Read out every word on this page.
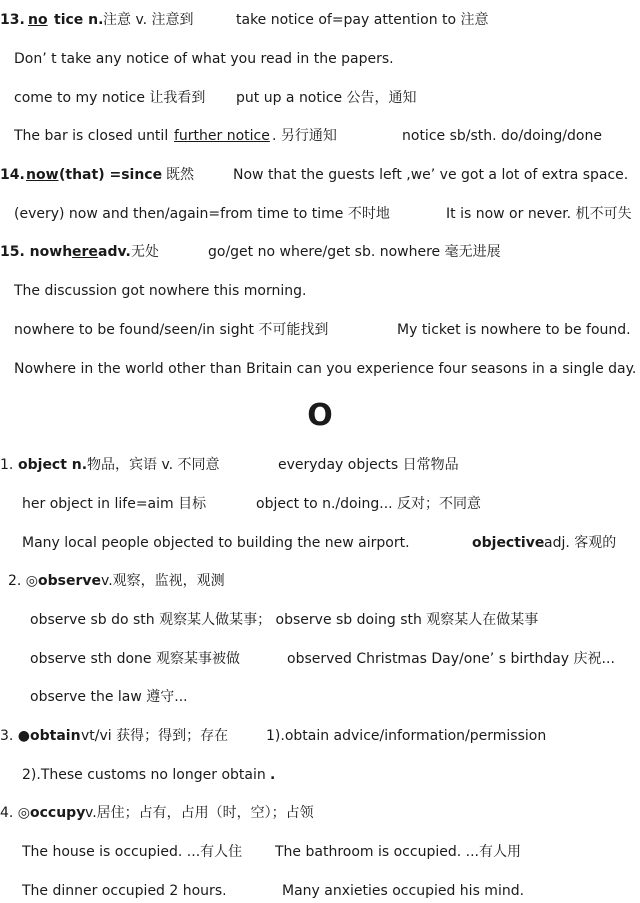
O
13. no tice n. 注意 v. 注意到	take notice of=pay attention to 注意
Don’ t take any notice of what you read in the papers.
come to my notice 让我看到 put up a notice 公告，通知
The bar is closed until further notice . 另行通知	notice sb/sth. do/doing/done
14. now (that) =since 既然	Now that the guests left ,we’ ve got a lot of extra space.
(every) now and then/again=from time to time 不时地	It is now or never. 机不可失
15. nowh ere adv. 无处	go/get no where/get sb. nowhere 毫无进展
The discussion got nowhere this morning.
nowhere to be found/seen/in sight 不可能找到	My ticket is nowhere to be found.
Nowhere in the world other than Britain can you experience four seasons in a single day.
1. object n. 物品，宾语 v. 不同意	everyday objects 日常物品
her object in life=aim 目标	object to n./doing... 反对；不同意
Many local people objected to building the new airport.	objective adj. 客观的
2. ◎ observe v.观察，监视，观测
observe sb do sth 观察某人做某事； observe sb doing sth 观察某人在做某事
observe sth done 观察某事被做	observed Christmas Day/one’ s birthday 庆祝...
observe the law 遵守...
3. ● obtain vt/vi 获得；得到；存在	1).obtain advice/information/permission
2).These customs no longer obtain .
4. ◎ occupy v.居住；占有，占用（时，空）；占领
The house is occupied. ...有人住 The bathroom is occupied. ...有人用
The dinner occupied 2 hours.	Many anxieties occupied his mind.
